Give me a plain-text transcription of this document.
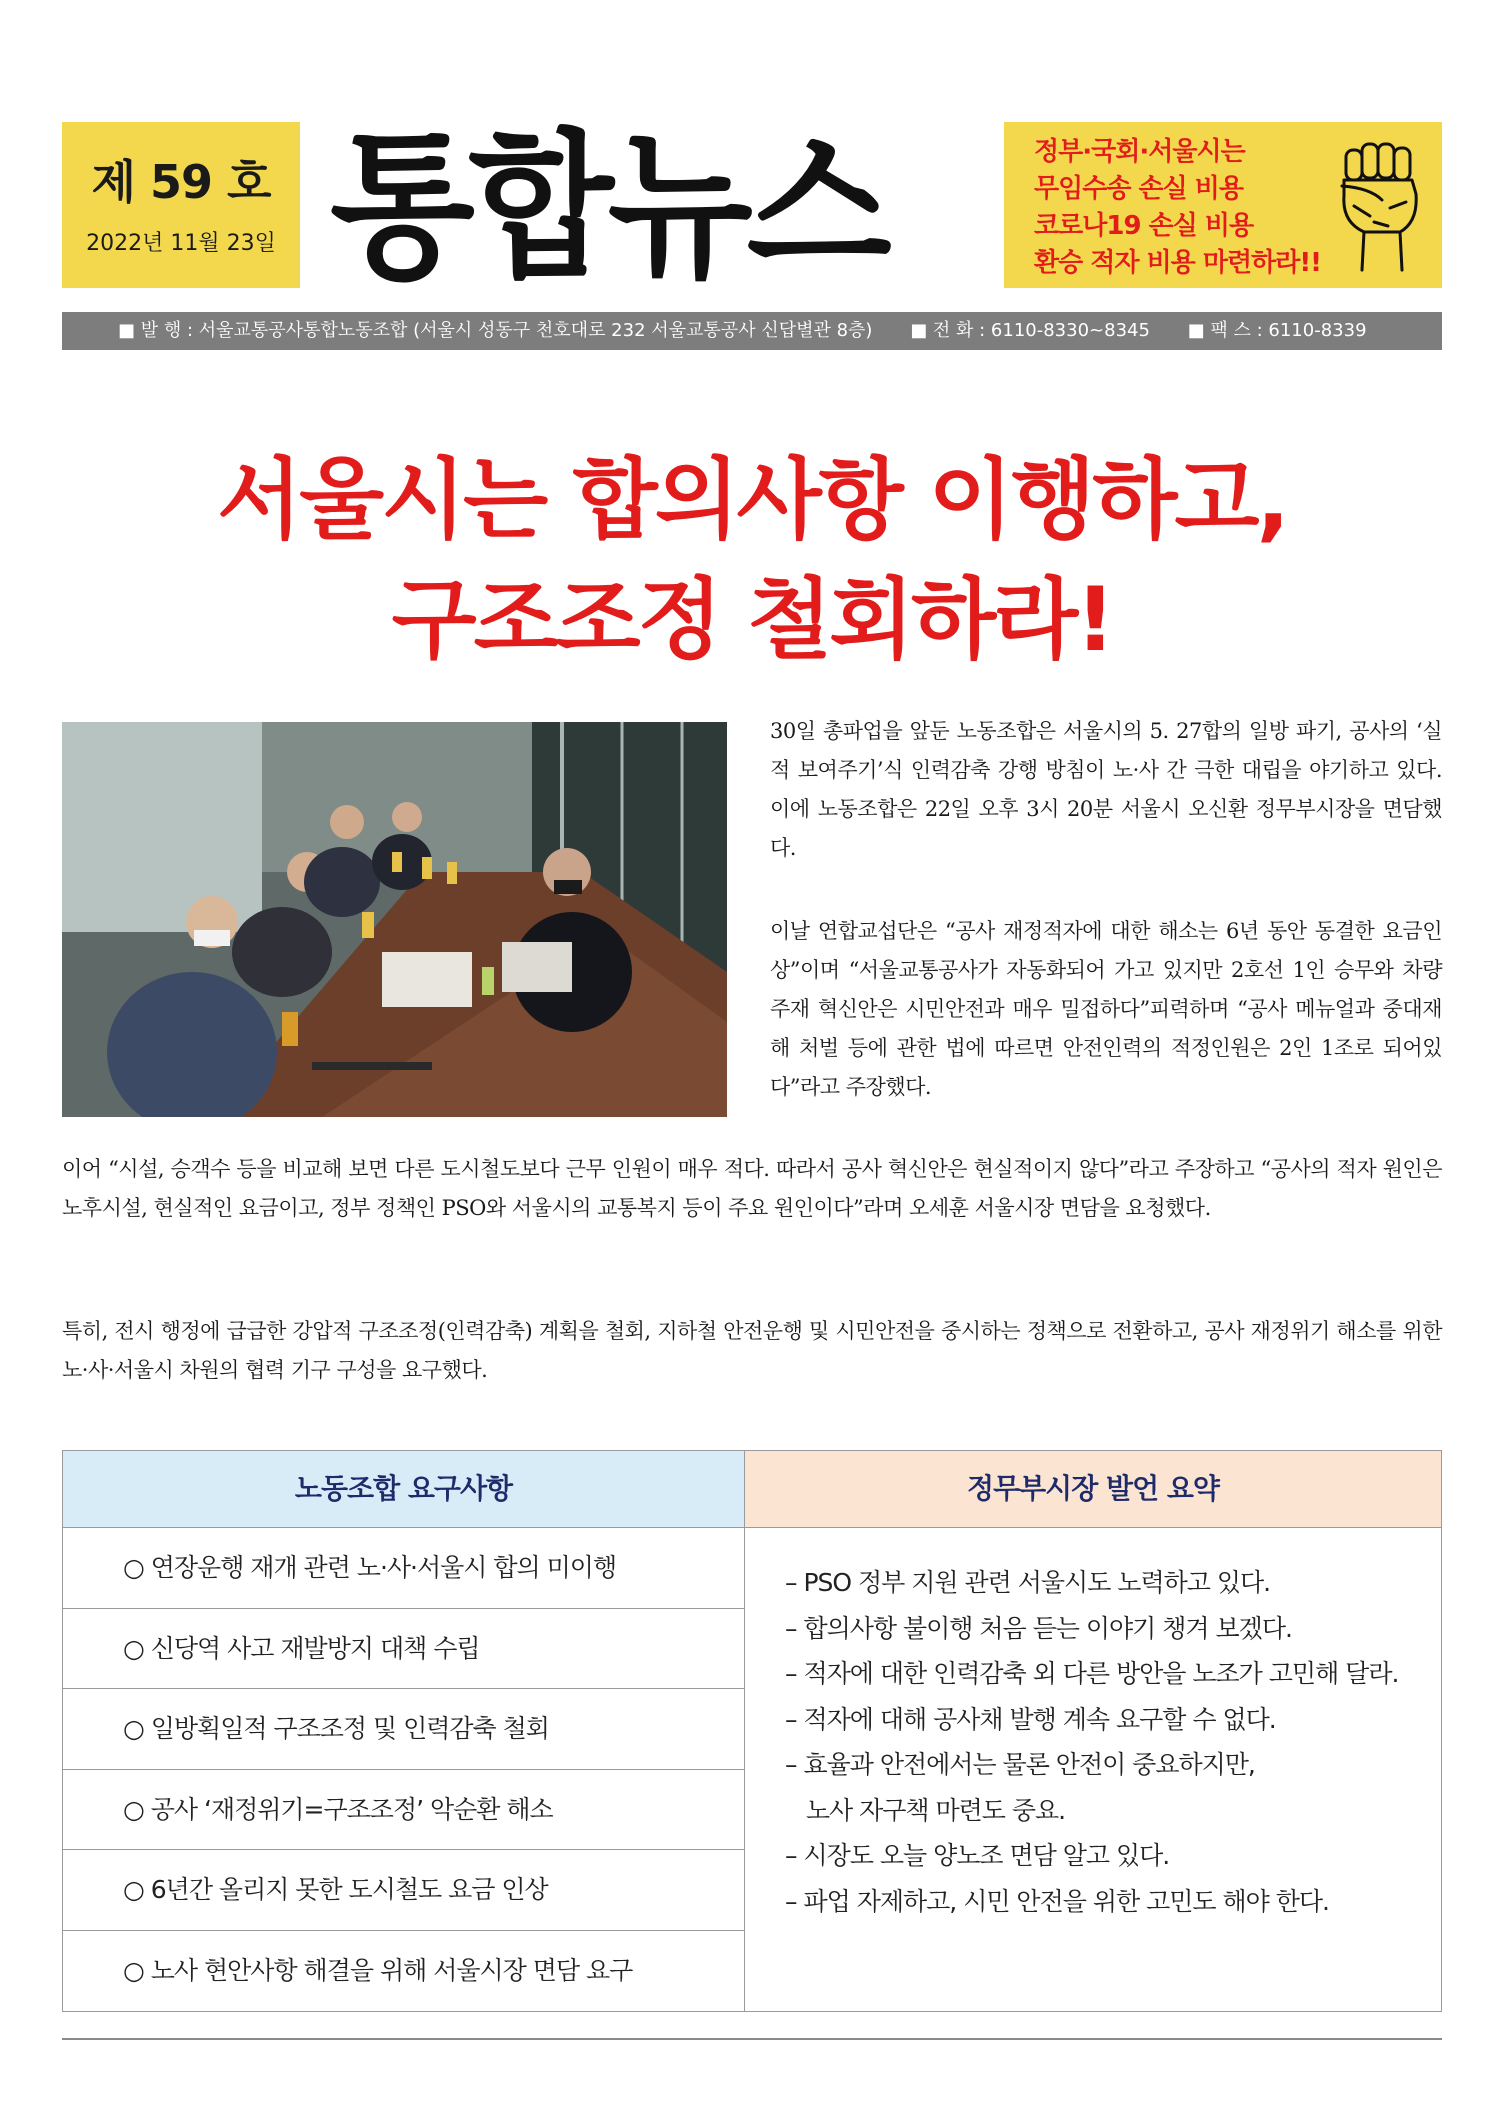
제 59 호
2022년 11월 23일 통합뉴스	정부·국회·서울시는
무임수송 손실 비용
코로나19 손실 비용
환승 적자 비용 마련하라!!
■ 발 행 : 서울교통공사통합노동조합 (서울시 성동구 천호대로 232 서울교통공사 신답별관 8층) ■ 전 화 : 6110-8330~8345 ■ 팩 스 : 6110-8339
서울시는 합의사항 이행하고,
구조조정 철회하라!
30일 총파업을 앞둔 노동조합은 서울시의 5. 27합의 일방 파기, 공사의 ‘실적 보여주기’식 인력감축 강행 방침이 노·사 간 극한 대립을 야기하고 있다. 이에 노동조합은 22일 오후 3시 20분 서울시 오신환 정무부시장을 면담했다.
이날 연합교섭단은 “공사 재정적자에 대한 해소는 6년 동안 동결한 요금인상”이며 “서울교통공사가 자동화되어 가고 있지만 2호선 1인 승무와 차량 주재 혁신안은 시민안전과 매우 밀접하다”피력하며 “공사 메뉴얼과 중대재해 처벌 등에 관한 법에 따르면 안전인력의 적정인원은 2인 1조로 되어있다”라고 주장했다.
이어 “시설, 승객수 등을 비교해 보면 다른 도시철도보다 근무 인원이 매우 적다. 따라서 공사 혁신안은 현실적이지 않다”라고 주장하고 “공사의 적자 원인은 노후시설, 현실적인 요금이고, 정부 정책인 PSO와 서울시의 교통복지 등이 주요 원인이다”라며 오세훈 서울시장 면담을 요청했다.
특히, 전시 행정에 급급한 강압적 구조조정(인력감축) 계획을 철회, 지하철 안전운행 및 시민안전을 중시하는 정책으로 전환하고, 공사 재정위기 해소를 위한 노·사·서울시 차원의 협력 기구 구성을 요구했다.
노동조합 요구사항	정무부시장 발언 요약
○ 연장운행 재개 관련 노·사·서울시 합의 미이행
○ 신당역 사고 재발방지 대책 수립
○ 일방획일적 구조조정 및 인력감축 철회
○ 공사 ‘재정위기=구조조정’ 악순환 해소
○ 6년간 올리지 못한 도시철도 요금 인상
○ 노사 현안사항 해결을 위해 서울시장 면담 요구
– PSO 정부 지원 관련 서울시도 노력하고 있다.
– 합의사항 불이행 처음 듣는 이야기 챙겨 보겠다.
– 적자에 대한 인력감축 외 다른 방안을 노조가 고민해 달라.
– 적자에 대해 공사채 발행 계속 요구할 수 없다.
– 효율과 안전에서는 물론 안전이 중요하지만,
노사 자구책 마련도 중요.
– 시장도 오늘 양노조 면담 알고 있다.
– 파업 자제하고, 시민 안전을 위한 고민도 해야 한다.
